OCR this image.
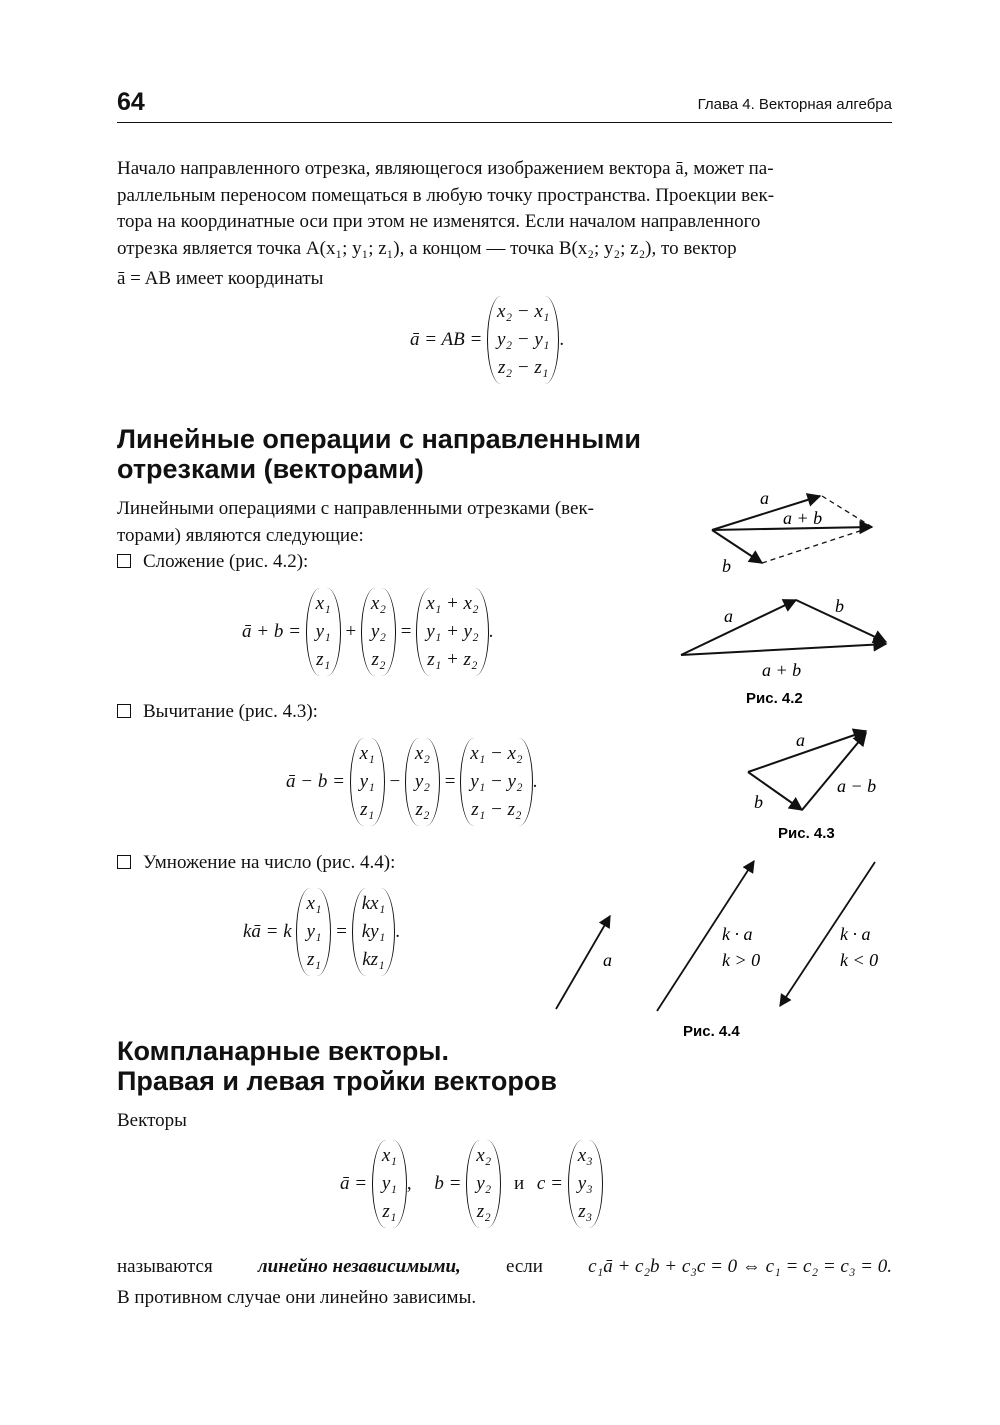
64	Глава 4. Векторная алгебра
Начало направленного отрезка, являющегося изображением вектора ā, может па-
раллельным переносом помещаться в любую точку пространства. Проекции век-
тора на координатные оси при этом не изменятся. Если началом направленного
отрезка является точка A(x₁; y₁; z₁), а концом — точка B(x₂; y₂; z₂), то вектор
ā = AB имеет координаты
ā = AB =
x₂ − x₁
y₂ − y₁
z₂ − z₁
.
Линейные операции с направленными
отрезками (векторами)
Линейными операциями с направленными отрезками (век-
торами) являются следующие:
Сложение (рис. 4.2):
ā + b =
x₁
y₁
z₁
+
x₂
y₂
z₂
=
x₁ + x₂
y₁ + y₂
z₁ + z₂
.
Вычитание (рис. 4.3):
ā − b =
x₁
y₁
z₁
−
x₂
y₂
z₂
=
x₁ − x₂
y₁ − y₂
z₁ − z₂
.
Умножение на число (рис. 4.4):
kā = k
x₁
y₁
z₁
=
kx₁
ky₁
kz₁
.
a
a + b
b
a	b
a + b
Рис. 4.2
a
b
a − b
Рис. 4.3
a
k · a
k > 0
k · a
k < 0
Рис. 4.4
Компланарные векторы.
Правая и левая тройки векторов
Векторы
ā =
x₁
y₁
z₁
, b =
x₂
y₂
z₂
и c =
x₃
y₃
z₃
называются линейно независимыми, если c₁ā + c₂b + c₃c = 0 ⇔ c₁ = c₂ = c₃ = 0.
В противном случае они линейно зависимы.
